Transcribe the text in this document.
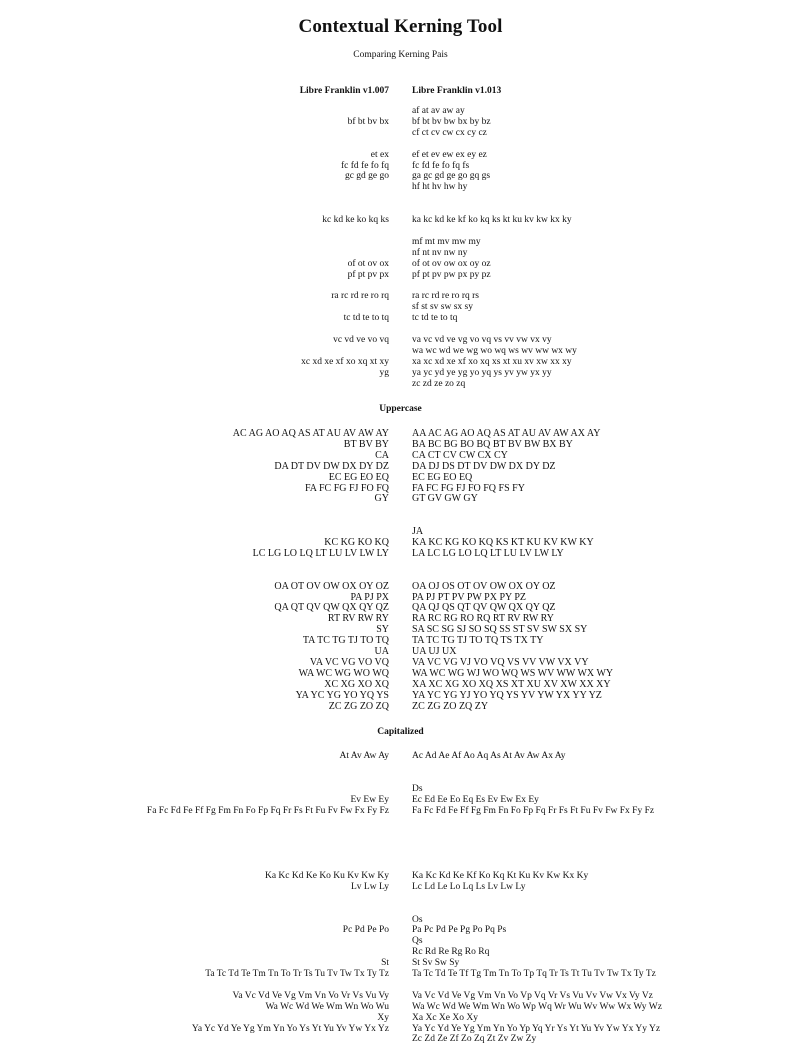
Contextual Kerning Tool
Comparing Kerning Pais
Libre Franklin v1.007 Libre Franklin v1.013
af at av aw ay
bf bt bv bx bf bt bv bw bx by bz
cf ct cv cw cx cy cz
et ex ef et ev ew ex ey ez
fc fd fe fo fq fc fd fe fo fq fs
gc gd ge go ga gc gd ge go gq gs
hf ht hv hw hy
kc kd ke ko kq ks ka kc kd ke kf ko kq ks kt ku kv kw kx ky
mf mt mv mw my
nf nt nv nw ny
of ot ov ox of ot ov ow ox oy oz
pf pt pv px pf pt pv pw px py pz
ra rc rd re ro rq ra rc rd re ro rq rs
sf st sv sw sx sy
tc td te to tq tc td te to tq
vc vd ve vo vq va vc vd ve vg vo vq vs vv vw vx vy
wa wc wd we wg wo wq ws wv ww wx wy
xc xd xe xf xo xq xt xy xa xc xd xe xf xo xq xs xt xu xv xw xx xy
yg ya yc yd ye yg yo yq ys yv yw yx yy
zc zd ze zo zq
Uppercase
AC AG AO AQ AS AT AU AV AW AY AA AC AG AO AQ AS AT AU AV AW AX AY
BT BV BY BA BC BG BO BQ BT BV BW BX BY
CA CA CT CV CW CX CY
DA DT DV DW DX DY DZ DA DJ DS DT DV DW DX DY DZ
EC EG EO EQ EC EG EO EQ
FA FC FG FJ FO FQ FA FC FG FJ FO FQ FS FY
GY GT GV GW GY
JA
KC KG KO KQ KA KC KG KO KQ KS KT KU KV KW KY
LC LG LO LQ LT LU LV LW LY LA LC LG LO LQ LT LU LV LW LY
OA OT OV OW OX OY OZ OA OJ OS OT OV OW OX OY OZ
PA PJ PX PA PJ PT PV PW PX PY PZ
QA QT QV QW QX QY QZ QA QJ QS QT QV QW QX QY QZ
RT RV RW RY RA RC RG RO RQ RT RV RW RY
SY SA SC SG SJ SO SQ SS ST SV SW SX SY
TA TC TG TJ TO TQ TA TC TG TJ TO TQ TS TX TY
UA UA UJ UX
VA VC VG VO VQ VA VC VG VJ VO VQ VS VV VW VX VY
WA WC WG WO WQ WA WC WG WJ WO WQ WS WV WW WX WY
XC XG XO XQ XA XC XG XO XQ XS XT XU XV XW XX XY
YA YC YG YO YQ YS YA YC YG YJ YO YQ YS YV YW YX YY YZ
ZC ZG ZO ZQ ZC ZG ZO ZQ ZY
Capitalized
At Av Aw Ay Ac Ad Ae Af Ao Aq As At Av Aw Ax Ay
Ds
Ev Ew Ey Ec Ed Ee Eo Eq Es Ev Ew Ex Ey
Fa Fc Fd Fe Ff Fg Fm Fn Fo Fp Fq Fr Fs Ft Fu Fv Fw Fx Fy Fz Fa Fc Fd Fe Ff Fg Fm Fn Fo Fp Fq Fr Fs Ft Fu Fv Fw Fx Fy Fz
Ka Kc Kd Ke Ko Ku Kv Kw Ky Ka Kc Kd Ke Kf Ko Kq Kt Ku Kv Kw Kx Ky
Lv Lw Ly Lc Ld Le Lo Lq Ls Lv Lw Ly
Os
Pc Pd Pe Po Pa Pc Pd Pe Pg Po Pq Ps
Qs
Rc Rd Re Rg Ro Rq
St St Sv Sw Sy
Ta Tc Td Te Tm Tn To Tr Ts Tu Tv Tw Tx Ty Tz Ta Tc Td Te Tf Tg Tm Tn To Tp Tq Tr Ts Tt Tu Tv Tw Tx Ty Tz
Va Vc Vd Ve Vg Vm Vn Vo Vr Vs Vu Vy Va Vc Vd Ve Vg Vm Vn Vo Vp Vq Vr Vs Vu Vv Vw Vx Vy Vz
Wa Wc Wd We Wm Wn Wo Wu Wa Wc Wd We Wm Wn Wo Wp Wq Wr Wu Wv Ww Wx Wy Wz
Xy Xa Xc Xe Xo Xy
Ya Yc Yd Ye Yg Ym Yn Yo Ys Yt Yu Yv Yw Yx Yz Ya Yc Yd Ye Yg Ym Yn Yo Yp Yq Yr Ys Yt Yu Yv Yw Yx Yy Yz
Zc Zd Ze Zf Zo Zq Zt Zv Zw Zy
